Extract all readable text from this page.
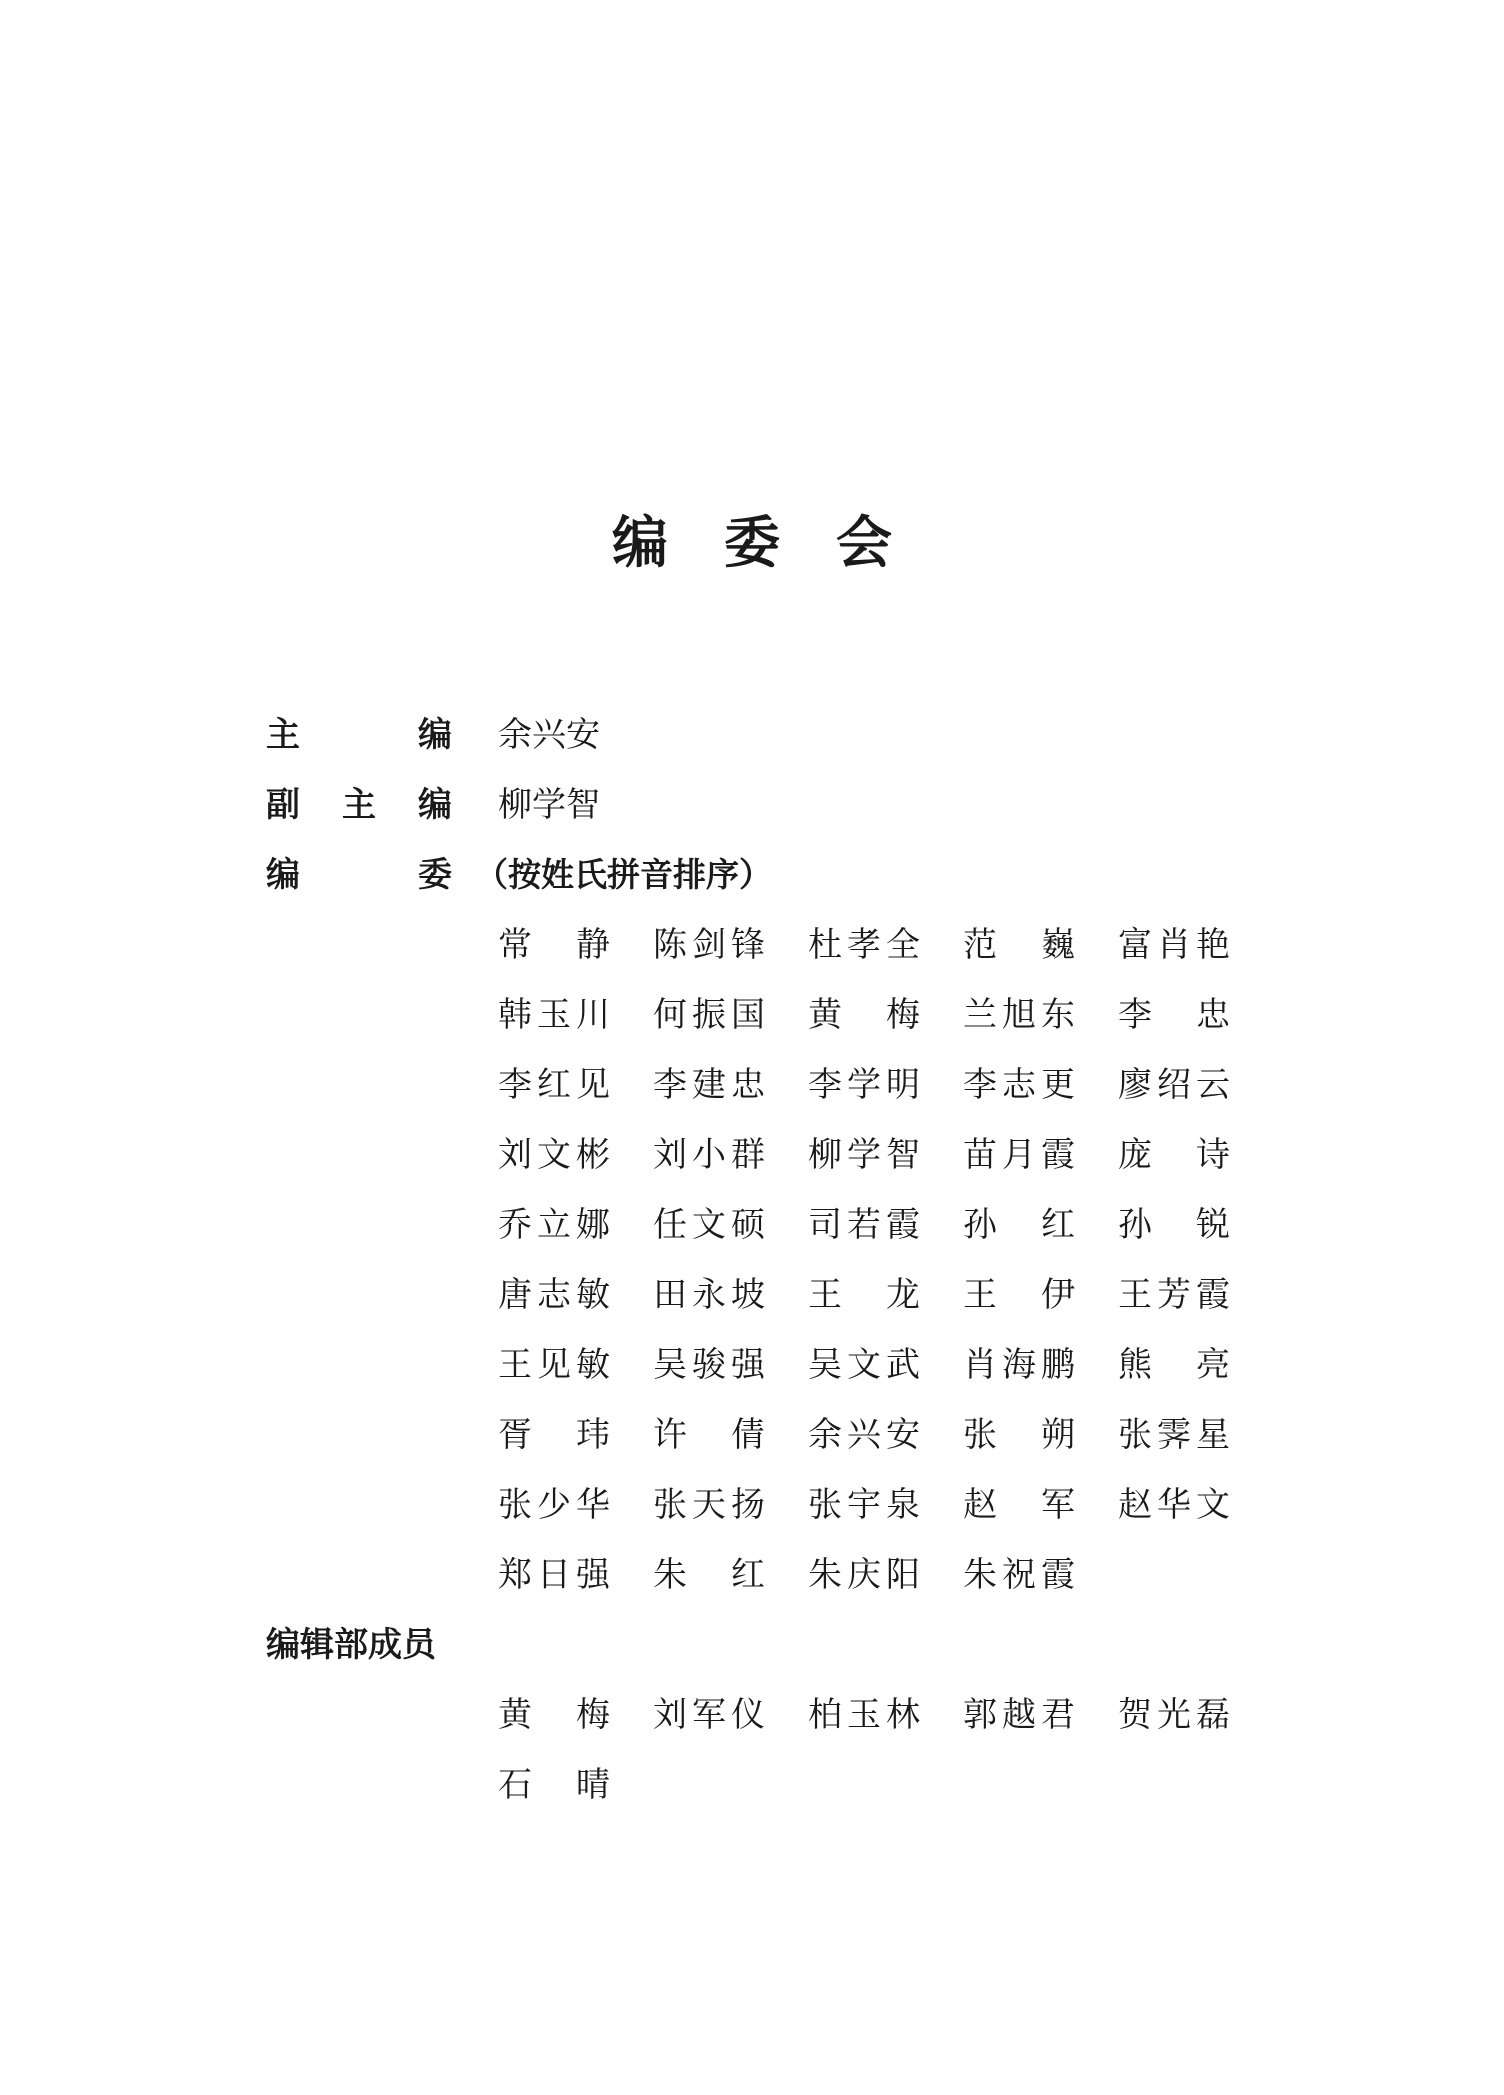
编 委 会
主	编 余兴安
副 主 编 柳学智
编	委 （按姓氏拼音排序）
常静 陈剑锋 杜孝全 范巍 富肖艳
韩玉川 何振国 黄梅 兰旭东 李忠
李红见 李建忠 李学明 李志更 廖绍云
刘文彬 刘小群 柳学智 苗月霞 庞诗
乔立娜 任文硕 司若霞 孙红 孙锐
唐志敏 田永坡 王龙 王伊 王芳霞
王见敏 吴骏强 吴文武 肖海鹏 熊亮
胥玮 许倩 余兴安 张朔 张霁星
张少华 张天扬 张宇泉 赵军 赵华文
郑日强 朱红 朱庆阳 朱祝霞
编辑部成员
黄梅 刘军仪 柏玉林 郭越君 贺光磊
石晴
